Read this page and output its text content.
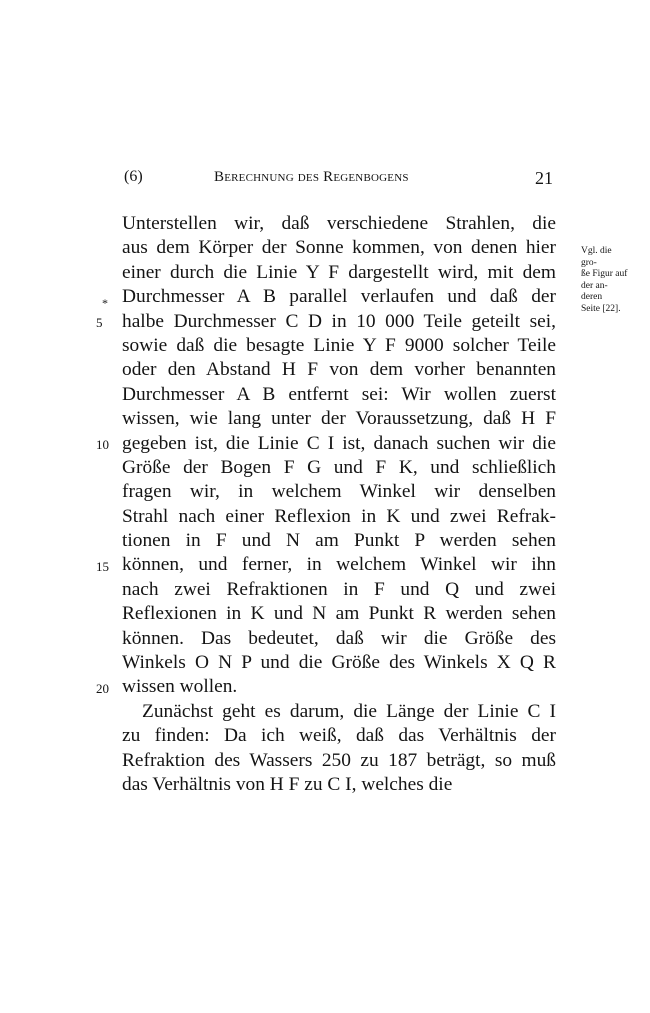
(6)	Berechnung des Regenbogens	21
5
10
15
20
*
Unterstellen wir, daß verschiedene Strahlen, die
aus dem Körper der Sonne kommen, von denen hier
einer durch die Linie Y F dargestellt wird, mit dem
Durchmesser A B parallel verlaufen und daß der
halbe Durchmesser C D in 10 000 Teile geteilt sei,
sowie daß die besagte Linie Y F 9000 solcher Teile
oder den Abstand H F von dem vorher benannten
Durchmesser A B entfernt sei: Wir wollen zuerst
wissen, wie lang unter der Voraussetzung, daß H F
gegeben ist, die Linie C I ist, danach suchen wir die
Größe der Bogen F G und F K, und schließlich
fragen wir, in welchem Winkel wir denselben
Strahl nach einer Reflexion in K und zwei Refrak-
tionen in F und N am Punkt P werden sehen
können, und ferner, in welchem Winkel wir ihn
nach zwei Refraktionen in F und Q und zwei
Reflexionen in K und N am Punkt R werden sehen
können. Das bedeutet, daß wir die Größe des
Winkels O N P und die Größe des Winkels X Q R
wissen wollen.
Zunächst geht es darum, die Länge der Linie C I
zu finden: Da ich weiß, daß das Verhältnis der
Refraktion des Wassers 250 zu 187 beträgt, so muß
das Verhältnis von H F zu C I, welches die
Vgl. die
gro-
ße Figur auf
der an-
deren
Seite [22].
